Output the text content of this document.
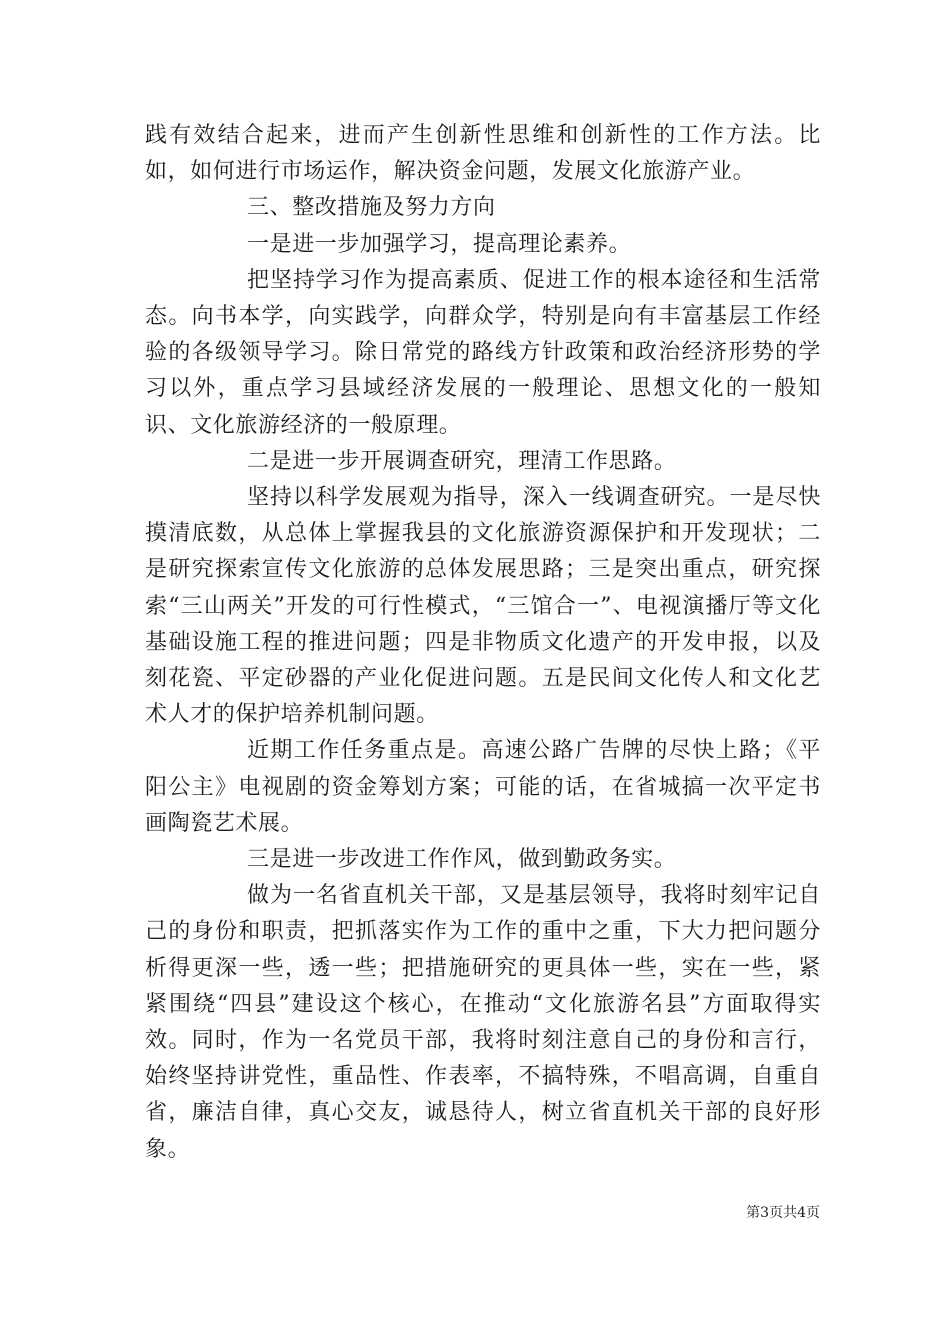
践有效结合起来，进而产生创新性思维和创新性的工作方法。比如，如何进行市场运作，解决资金问题，发展文化旅游产业。

三、整改措施及努力方向

一是进一步加强学习，提高理论素养。

把坚持学习作为提高素质、促进工作的根本途径和生活常态。向书本学，向实践学，向群众学，特别是向有丰富基层工作经验的各级领导学习。除日常党的路线方针政策和政治经济形势的学习以外，重点学习县域经济发展的一般理论、思想文化的一般知识、文化旅游经济的一般原理。

二是进一步开展调查研究，理清工作思路。

坚持以科学发展观为指导，深入一线调查研究。一是尽快摸清底数，从总体上掌握我县的文化旅游资源保护和开发现状；二是研究探索宣传文化旅游的总体发展思路；三是突出重点，研究探索“三山两关”开发的可行性模式，“三馆合一”、电视演播厅等文化基础设施工程的推进问题；四是非物质文化遗产的开发申报，以及刻花瓷、平定砂器的产业化促进问题。五是民间文化传人和文化艺术人才的保护培养机制问题。

近期工作任务重点是。高速公路广告牌的尽快上路；《平阳公主》电视剧的资金筹划方案；可能的话，在省城搞一次平定书画陶瓷艺术展。

三是进一步改进工作作风，做到勤政务实。

做为一名省直机关干部，又是基层领导，我将时刻牢记自己的身份和职责，把抓落实作为工作的重中之重，下大力把问题分析得更深一些，透一些；把措施研究的更具体一些，实在一些，紧紧围绕“四县”建设这个核心，在推动“文化旅游名县”方面取得实效。同时，作为一名党员干部，我将时刻注意自己的身份和言行，始终坚持讲党性，重品性、作表率，不搞特殊，不唱高调，自重自省，廉洁自律，真心交友，诚恳待人，树立省直机关干部的良好形象。

第3页共4页
